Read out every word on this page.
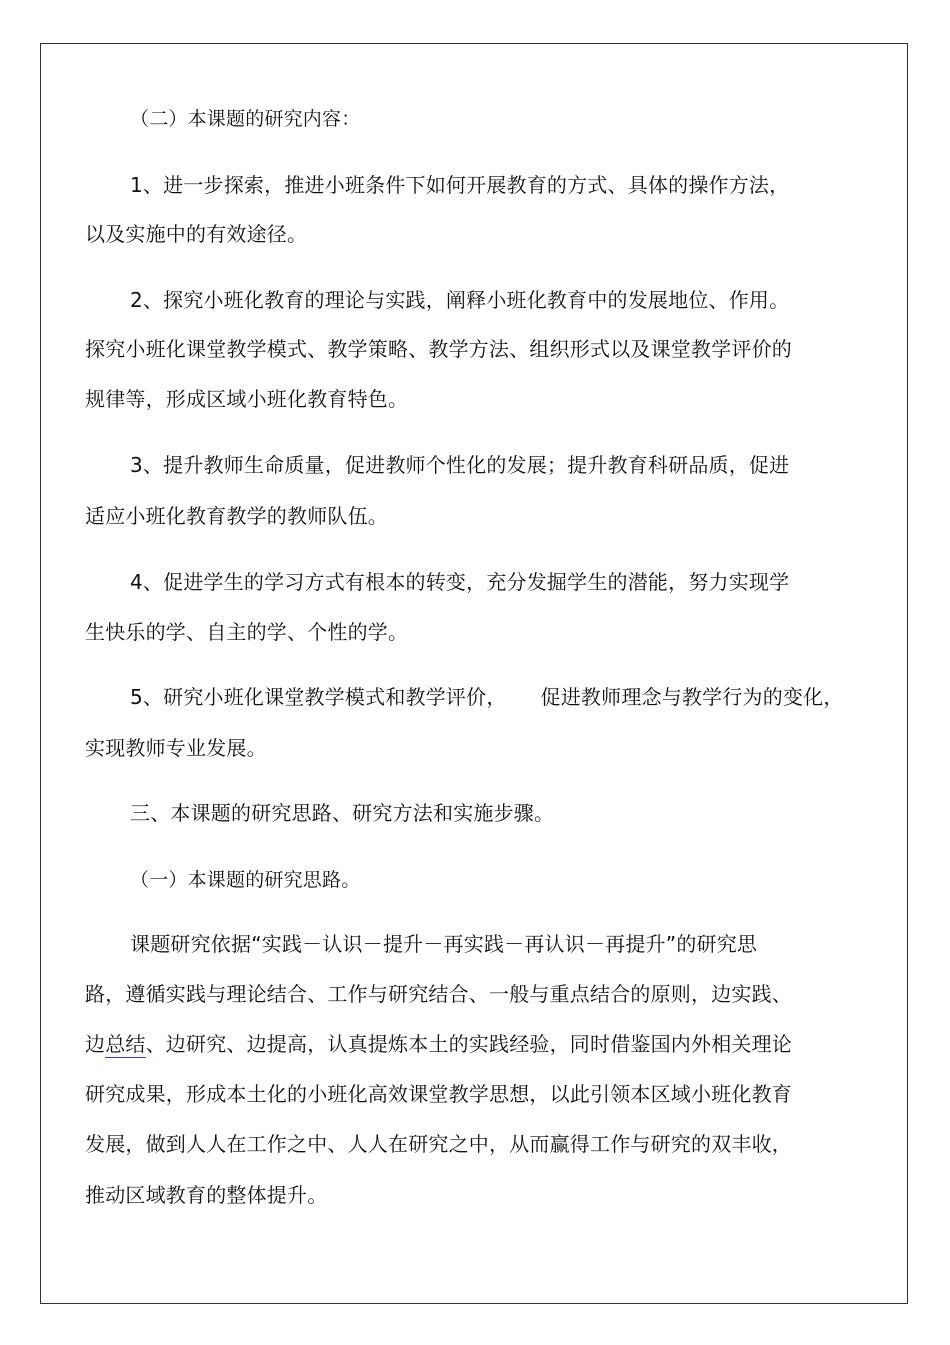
（二）本课题的研究内容：
1、进一步探索，推进小班条件下如何开展教育的方式、具体的操作方法，
以及实施中的有效途径。
2、探究小班化教育的理论与实践，阐释小班化教育中的发展地位、作用。
探究小班化课堂教学模式、教学策略、教学方法、组织形式以及课堂教学评价的
规律等，形成区域小班化教育特色。
3、提升教师生命质量，促进教师个性化的发展；提升教育科研品质，促进
适应小班化教育教学的教师队伍。
4、促进学生的学习方式有根本的转变，充分发掘学生的潜能，努力实现学
生快乐的学、自主的学、个性的学。
5、研究小班化课堂教学模式和教学评价， 促进教师理念与教学行为的变化，
实现教师专业发展。
三、本课题的研究思路、研究方法和实施步骤。
（一）本课题的研究思路。
课题研究依据“实践－认识－提升－再实践－再认识－再提升”的研究思
路，遵循实践与理论结合、工作与研究结合、一般与重点结合的原则，边实践、
边总结、边研究、边提高，认真提炼本土的实践经验，同时借鉴国内外相关理论
研究成果，形成本土化的小班化高效课堂教学思想，以此引领本区域小班化教育
发展，做到人人在工作之中、人人在研究之中，从而赢得工作与研究的双丰收，
推动区域教育的整体提升。
